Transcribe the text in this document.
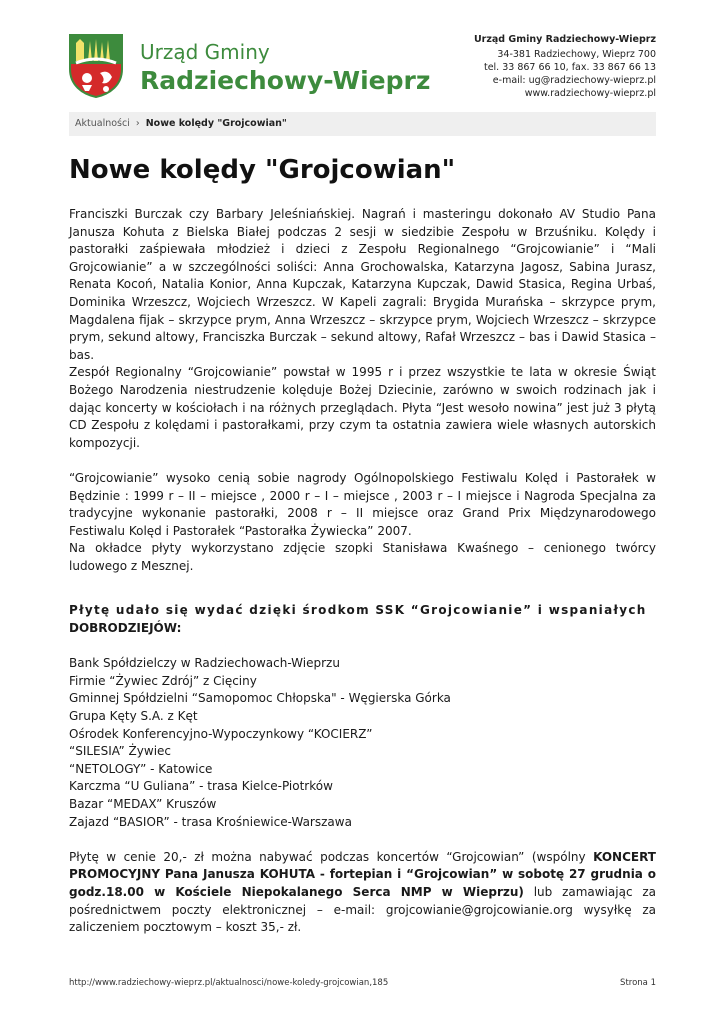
Urząd Gminy
Radziechowy-Wieprz
Urząd Gminy Radziechowy-Wieprz
34-381 Radziechowy, Wieprz 700
tel. 33 867 66 10, fax. 33 867 66 13
e-mail: ug@radziechowy-wieprz.pl
www.radziechowy-wieprz.pl
Aktualności › Nowe kolędy "Grojcowian"
Nowe kolędy "Grojcowian"

Franciszki Burczak czy Barbary Jeleśniańskiej. Nagrań i masteringu dokonało AV Studio Pana Janusza Kohuta z Bielska Białej podczas 2 sesji w siedzibie Zespołu w Brzuśniku. Kolędy i pastorałki zaśpiewała młodzież i dzieci z Zespołu Regionalnego “Grojcowianie” i “Mali Grojcowianie” a w szczególności soliści: Anna Grochowalska, Katarzyna Jagosz, Sabina Jurasz, Renata Kocoń, Natalia Konior, Anna Kupczak, Katarzyna Kupczak, Dawid Stasica, Regina Urbaś, Dominika Wrzeszcz, Wojciech Wrzeszcz. W Kapeli zagrali: Brygida Murańska – skrzypce prym, Magdalena fijak – skrzypce prym, Anna Wrzeszcz – skrzypce prym, Wojciech Wrzeszcz – skrzypce prym, sekund altowy, Franciszka Burczak – sekund altowy, Rafał Wrzeszcz – bas i Dawid Stasica – bas.

Zespół Regionalny “Grojcowianie” powstał w 1995 r i przez wszystkie te lata w okresie Świąt Bożego Narodzenia niestrudzenie kolęduje Bożej Dziecinie, zarówno w swoich rodzinach jak i dając koncerty w kościołach i na różnych przeglądach. Płyta “Jest wesoło nowina” jest już 3 płytą CD Zespołu z kolędami i pastorałkami, przy czym ta ostatnia zawiera wiele własnych autorskich kompozycji.

“Grojcowianie” wysoko cenią sobie nagrody Ogólnopolskiego Festiwalu Kolęd i Pastorałek w Będzinie : 1999 r – II – miejsce , 2000 r – I – miejsce , 2003 r – I miejsce i Nagroda Specjalna za tradycyjne wykonanie pastorałki, 2008 r – II miejsce oraz Grand Prix Międzynarodowego Festiwalu Kolęd i Pastorałek “Pastorałka Żywiecka” 2007.

Na okładce płyty wykorzystano zdjęcie szopki Stanisława Kwaśnego – cenionego twórcy ludowego z Mesznej.

Płytę udało się wydać dzięki środkom SSK “Grojcowianie” i wspaniałych
DOBRODZIEJÓW:

Bank Spółdzielczy w Radziechowach-Wieprzu
Firmie “Żywiec Zdrój” z Cięciny
Gminnej Spółdzielni “Samopomoc Chłopska" - Węgierska Górka
Grupa Kęty S.A. z Kęt
Ośrodek Konferencyjno-Wypoczynkowy “KOCIERZ”
“SILESIA” Żywiec
“NETOLOGY” - Katowice
Karczma “U Guliana” - trasa Kielce-Piotrków
Bazar “MEDAX” Kruszów
Zajazd “BASIOR” - trasa Krośniewice-Warszawa

Płytę w cenie 20,- zł można nabywać podczas koncertów “Grojcowian” (wspólny KONCERT PROMOCYJNY Pana Janusza KOHUTA - fortepian i “Grojcowian” w sobotę 27 grudnia o godz.18.00 w Kościele Niepokalanego Serca NMP w Wieprzu) lub zamawiając za pośrednictwem poczty elektronicznej – e-mail: grojcowianie@grojcowianie.org wysyłkę za zaliczeniem pocztowym – koszt 35,- zł.

http://www.radziechowy-wieprz.pl/aktualnosci/nowe-koledy-grojcowian,185	Strona 1
